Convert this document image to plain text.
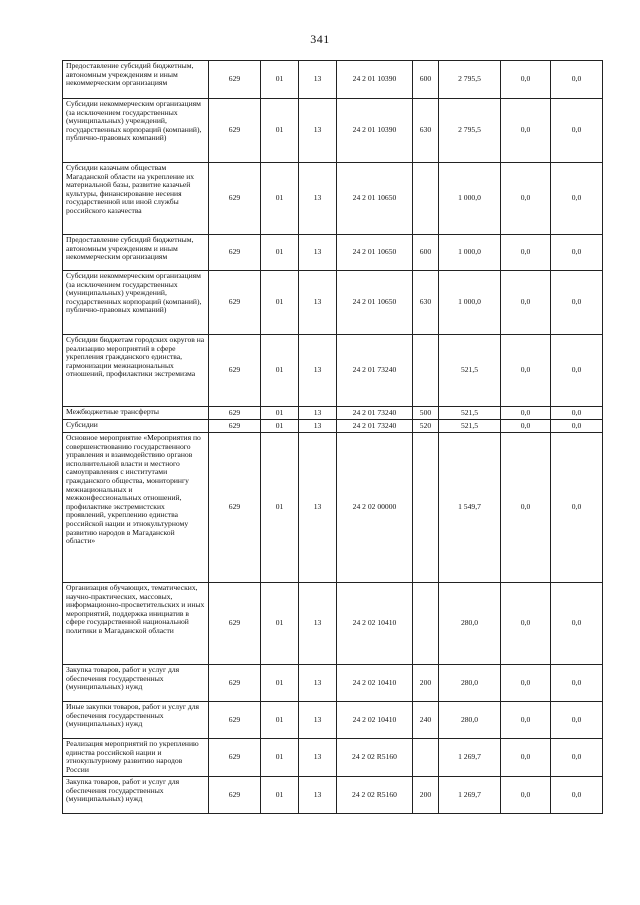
341
Предоставление субсидий бюджетным, автономным учреждениям и иным некоммерческим организациям	629	01	13	24 2 01 10390	600	2 795,5	0,0	0,0
Субсидии некоммерческим организациям (за исключением государственных (муниципальных) учреждений, государственных корпораций (компаний), публично-правовых компаний)	629	01	13	24 2 01 10390	630	2 795,5	0,0	0,0
Субсидии казачьим обществам Магаданской области на укрепление их материальной базы, развитие казачьей культуры, финансирование несения государственной или иной службы российского казачества	629	01	13	24 2 01 10650		1 000,0	0,0	0,0
Предоставление субсидий бюджетным, автономным учреждениям и иным некоммерческим организациям	629	01	13	24 2 01 10650	600	1 000,0	0,0	0,0
Субсидии некоммерческим организациям (за исключением государственных (муниципальных) учреждений, государственных корпораций (компаний), публично-правовых компаний)	629	01	13	24 2 01 10650	630	1 000,0	0,0	0,0
Субсидии бюджетам городских округов на реализацию мероприятий в сфере укрепления гражданского единства, гармонизации межнациональных отношений, профилактики экстремизма	629	01	13	24 2 01 73240		521,5	0,0	0,0
Межбюджетные трансферты	629	01	13	24 2 01 73240	500	521,5	0,0	0,0
Субсидии	629	01	13	24 2 01 73240	520	521,5	0,0	0,0
Основное мероприятие «Мероприятия по совершенствованию государственного управления и взаимодействию органов исполнительной власти и местного самоуправления с институтами гражданского общества, мониторингу межнациональных и межконфессиональных отношений, профилактике экстремистских проявлений, укреплению единства российской нации и этнокультурному развитию народов в Магаданской области»	629	01	13	24 2 02 00000		1 549,7	0,0	0,0
Организация обучающих, тематических, научно-практических, массовых, информационно-просветительских и иных мероприятий, поддержка инициатив в сфере государственной национальной политики в Магаданской области	629	01	13	24 2 02 10410		280,0	0,0	0,0
Закупка товаров, работ и услуг для обеспечения государственных (муниципальных) нужд	629	01	13	24 2 02 10410	200	280,0	0,0	0,0
Иные закупки товаров, работ и услуг для обеспечения государственных (муниципальных) нужд	629	01	13	24 2 02 10410	240	280,0	0,0	0,0
Реализация мероприятий по укреплению единства российской нации и этнокультурному развитию народов России	629	01	13	24 2 02 R5160		1 269,7	0,0	0,0
Закупка товаров, работ и услуг для обеспечения государственных (муниципальных) нужд	629	01	13	24 2 02 R5160	200	1 269,7	0,0	0,0
